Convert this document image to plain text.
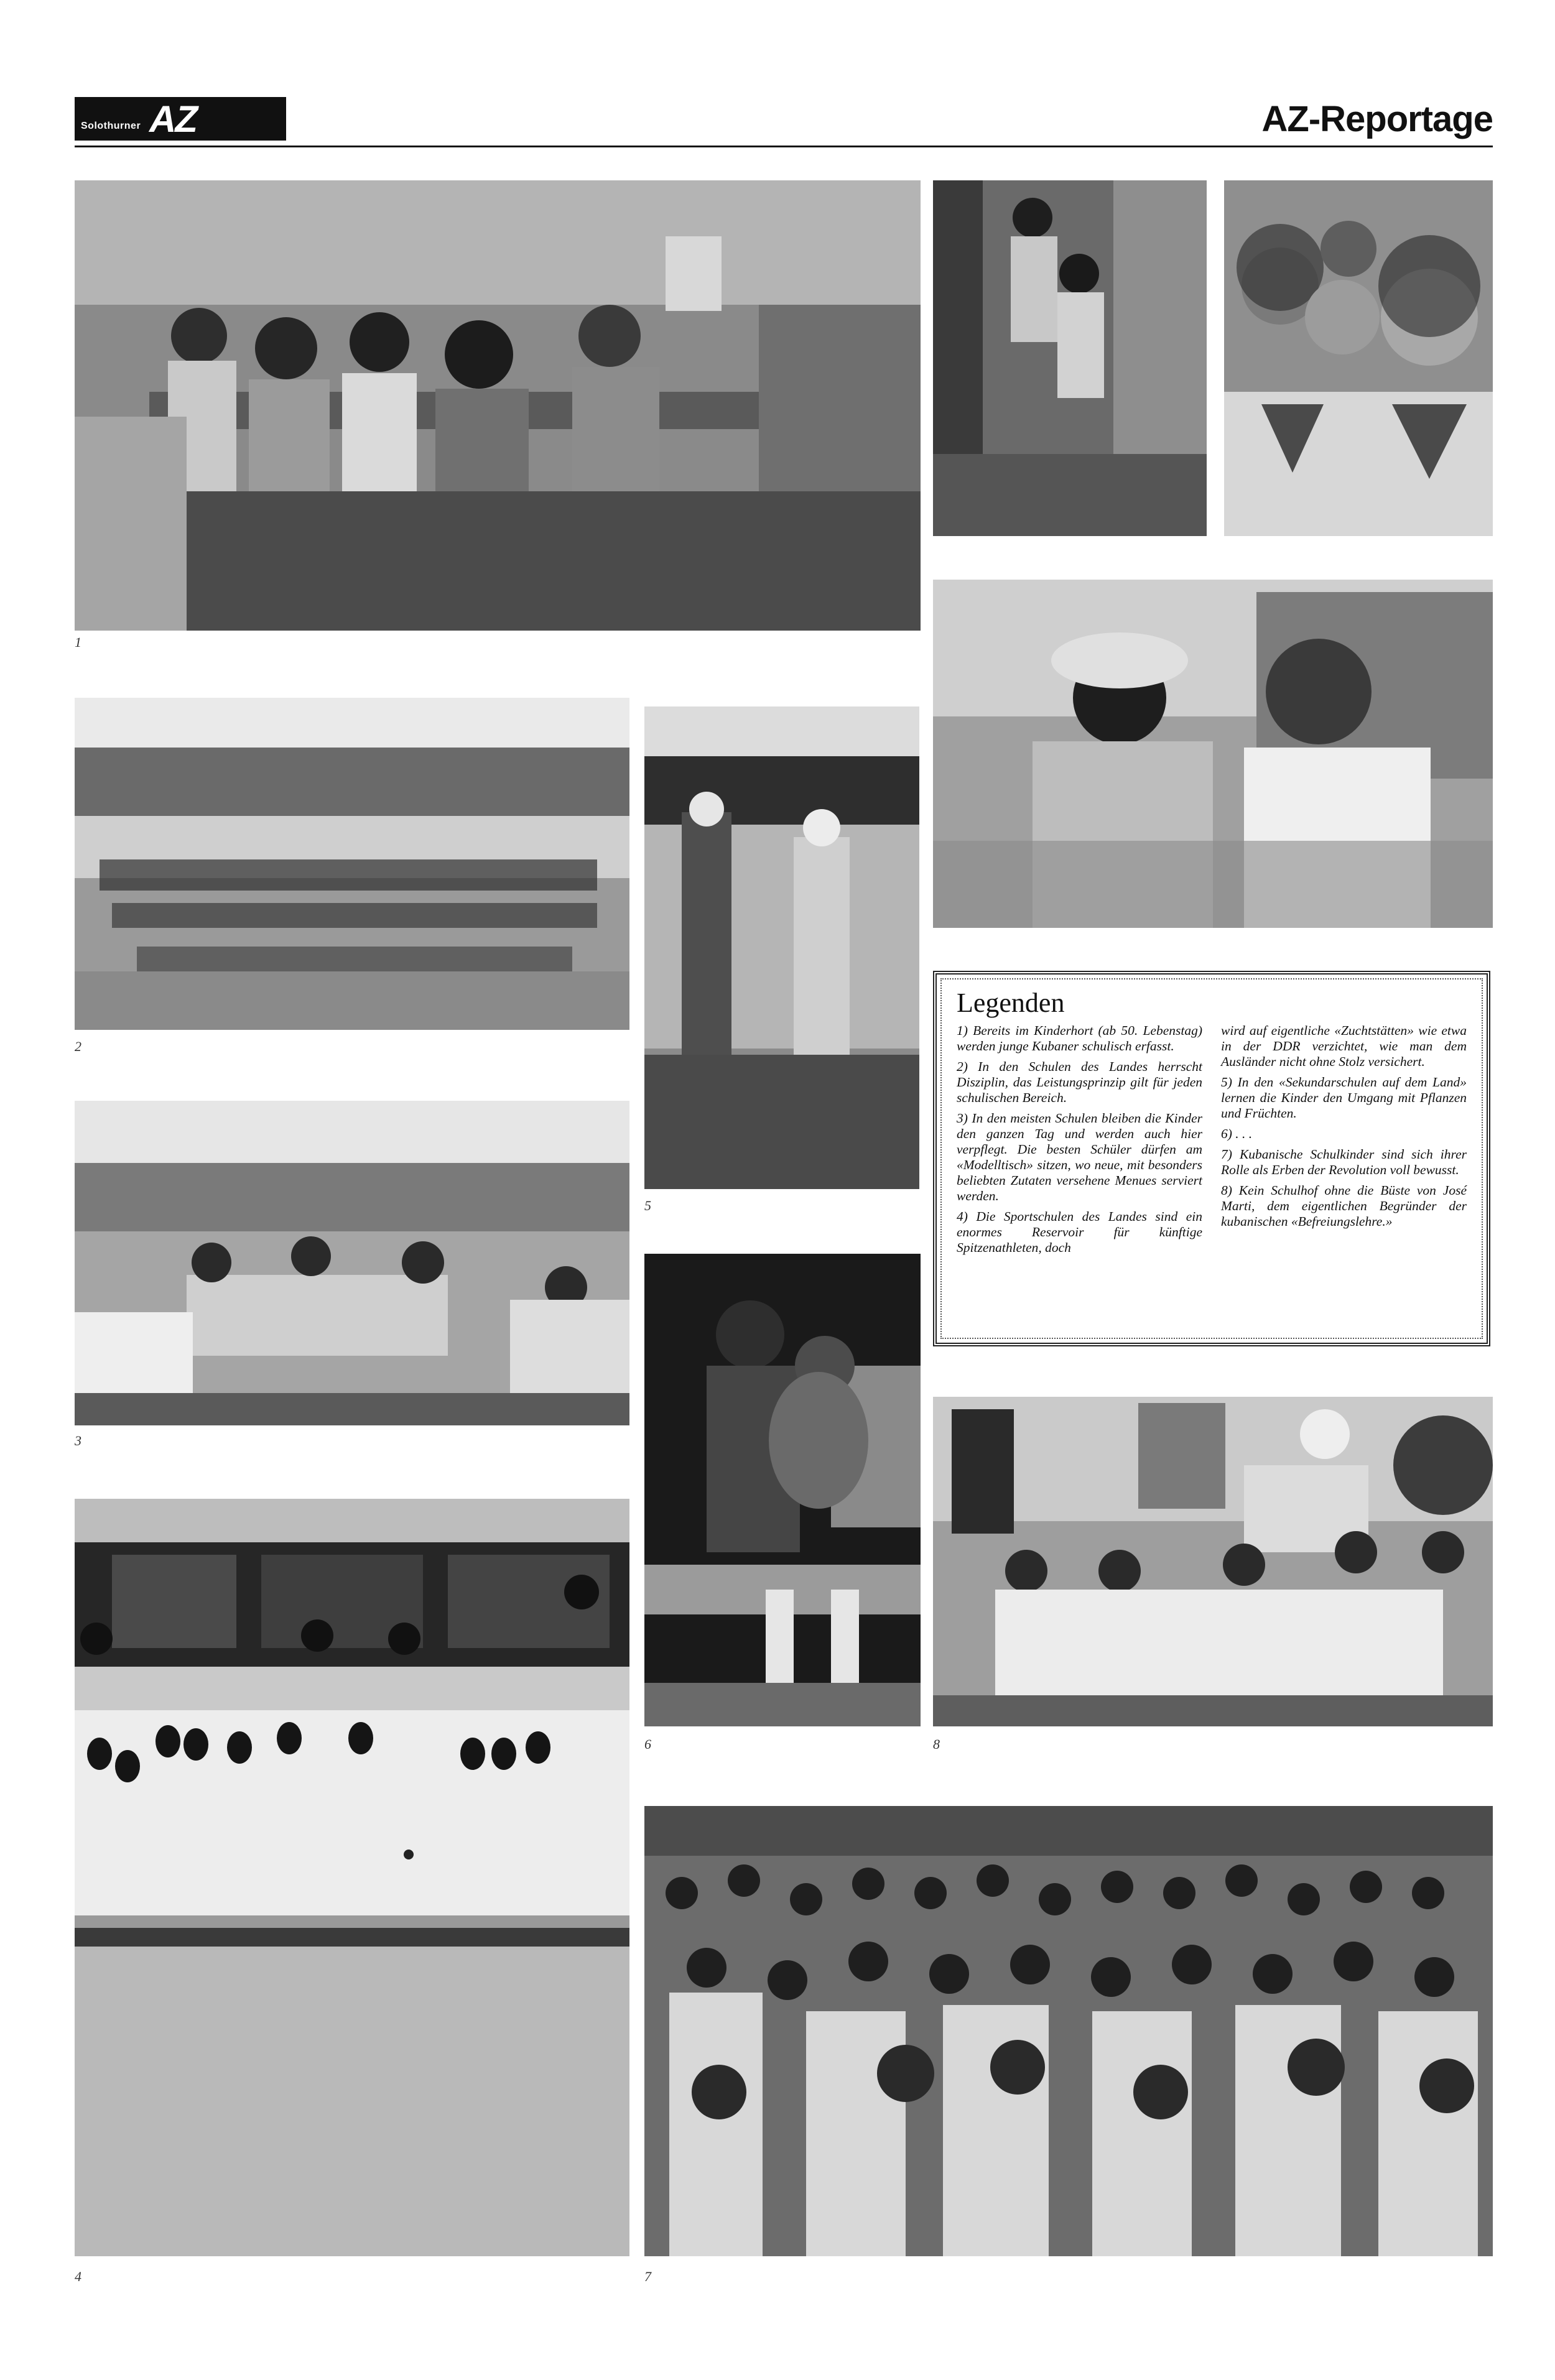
Solothurner AZ	AZ-Reportage
1
2
5
3
6
Legenden

1) Bereits im Kinderhort (ab 50. Lebenstag) werden junge Kubaner schulisch erfasst.

2) In den Schulen des Landes herrscht Disziplin, das Leistungsprinzip gilt für jeden schulischen Bereich.

3) In den meisten Schulen bleiben die Kinder den ganzen Tag und werden auch hier verpflegt. Die besten Schüler dürfen am «Modelltisch» sitzen, wo neue, mit besonders beliebten Zutaten versehene Menues serviert werden.

4) Die Sportschulen des Landes sind ein enormes Reservoir für künftige Spitzenathleten, doch

wird auf eigentliche «Zuchtstätten» wie etwa in der DDR verzichtet, wie man dem Ausländer nicht ohne Stolz versichert.

5) In den «Sekundarschulen auf dem Land» lernen die Kinder den Umgang mit Pflanzen und Früchten.

6) . . .

7) Kubanische Schulkinder sind sich ihrer Rolle als Erben der Revolution voll bewusst.

8) Kein Schulhof ohne die Büste von José Marti, dem eigentlichen Begründer der kubanischen «Befreiungslehre.»

8
4	7
